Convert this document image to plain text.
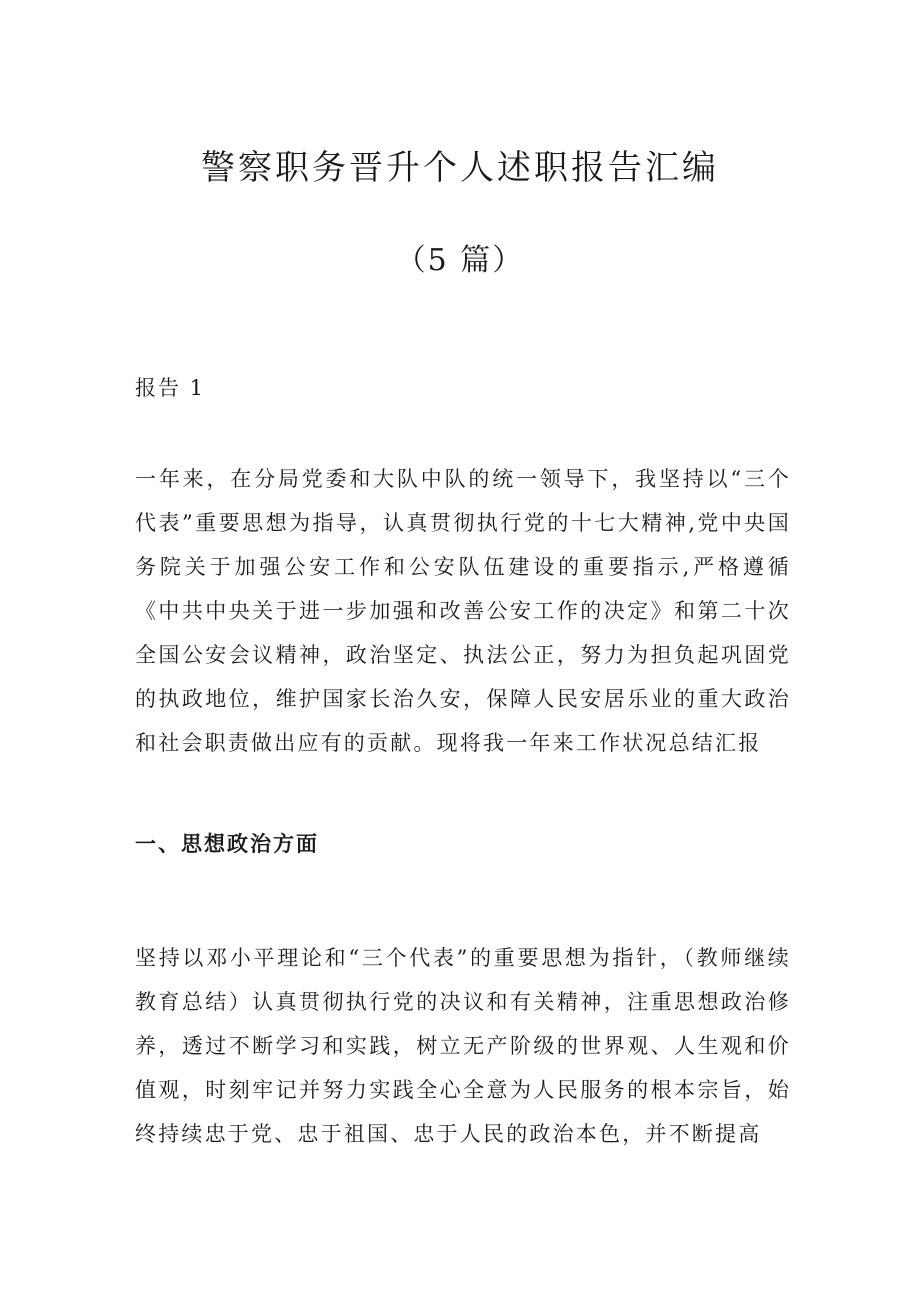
警察职务晋升个人述职报告汇编
（5 篇）
报告 1

一年来，在分局党委和大队中队的统一领导下，我坚持以“三个代表”重要思想为指导，认真贯彻执行党的十七大精神,党中央国务院关于加强公安工作和公安队伍建设的重要指示,严格遵循《中共中央关于进一步加强和改善公安工作的决定》和第二十次全国公安会议精神，政治坚定、执法公正，努力为担负起巩固党的执政地位，维护国家长治久安，保障人民安居乐业的重大政治和社会职责做出应有的贡献。现将我一年来工作状况总结汇报

一、思想政治方面

坚持以邓小平理论和“三个代表”的重要思想为指针，（教师继续教育总结）认真贯彻执行党的决议和有关精神，注重思想政治修养，透过不断学习和实践，树立无产阶级的世界观、人生观和价值观，时刻牢记并努力实践全心全意为人民服务的根本宗旨，始终持续忠于党、忠于祖国、忠于人民的政治本色，并不断提高
